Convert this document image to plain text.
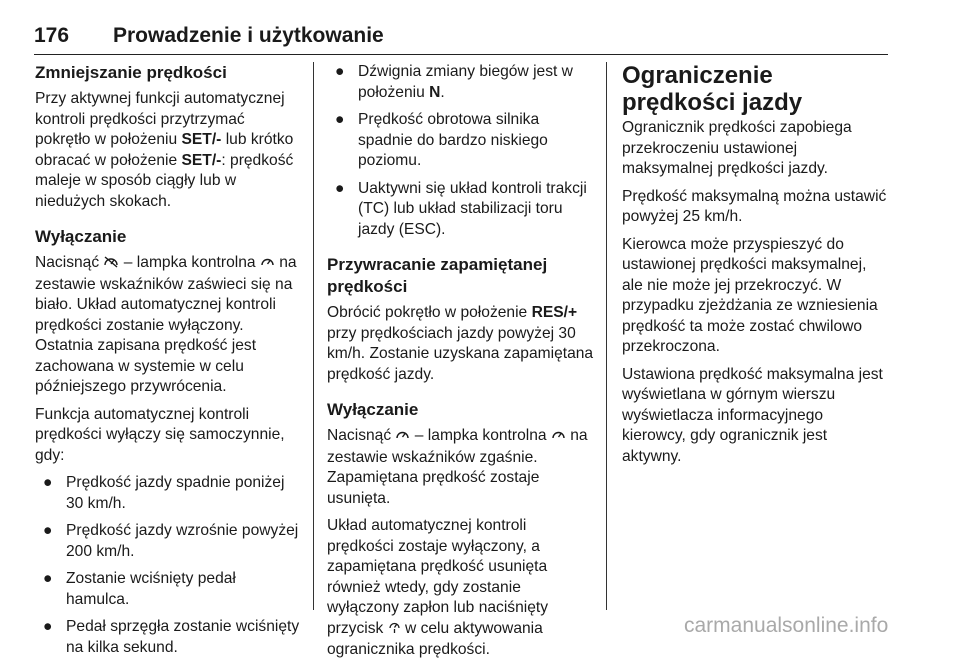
176 Prowadzenie i użytkowanie
Zmniejszanie prędkości

Przy aktywnej funkcji automatycznej kontroli prędkości przytrzymać pokrętło w położeniu SET/- lub krótko obracać w położenie SET/-: prędkość maleje w sposób ciągły lub w niedużych skokach.

Wyłączanie

Nacisnąć  – lampka kontrolna  na zestawie wskaźników zaświeci się na biało. Układ automatycznej kontroli prędkości zostanie wyłączony. Ostatnia zapisana prędkość jest zachowana w systemie w celu późniejszego przywrócenia.

Funkcja automatycznej kontroli prędkości wyłączy się samoczynnie, gdy:

● Prędkość jazdy spadnie poniżej 30 km/h.
● Prędkość jazdy wzrośnie powyżej 200 km/h.
● Zostanie wciśnięty pedał hamulca.
● Pedał sprzęgła zostanie wciśnięty na kilka sekund.
● Dźwignia zmiany biegów jest w położeniu N.
● Prędkość obrotowa silnika spadnie do bardzo niskiego poziomu.
● Uaktywni się układ kontroli trakcji (TC) lub układ stabilizacji toru jazdy (ESC).
Przywracanie zapamiętanej prędkości

Obrócić pokrętło w położenie RES/+ przy prędkościach jazdy powyżej 30 km/h. Zostanie uzyskana zapamiętana prędkość jazdy.

Wyłączanie

Nacisnąć  – lampka kontrolna  na zestawie wskaźników zgaśnie. Zapamiętana prędkość zostaje usunięta.

Układ automatycznej kontroli prędkości zostaje wyłączony, a zapamiętana prędkość usunięta również wtedy, gdy zostanie wyłączony zapłon lub naciśnięty przycisk  w celu aktywowania ogranicznika prędkości.

Ograniczenie prędkości jazdy

Ogranicznik prędkości zapobiega przekroczeniu ustawionej maksymalnej prędkości jazdy.

Prędkość maksymalną można ustawić powyżej 25 km/h.

Kierowca może przyspieszyć do ustawionej prędkości maksymalnej, ale nie może jej przekroczyć. W przypadku zjeżdżania ze wzniesienia prędkość ta może zostać chwilowo przekroczona.

Ustawiona prędkość maksymalna jest wyświetlana w górnym wierszu wyświetlacza informacyjnego kierowcy, gdy ogranicznik jest aktywny.

carmanualsonline.info
